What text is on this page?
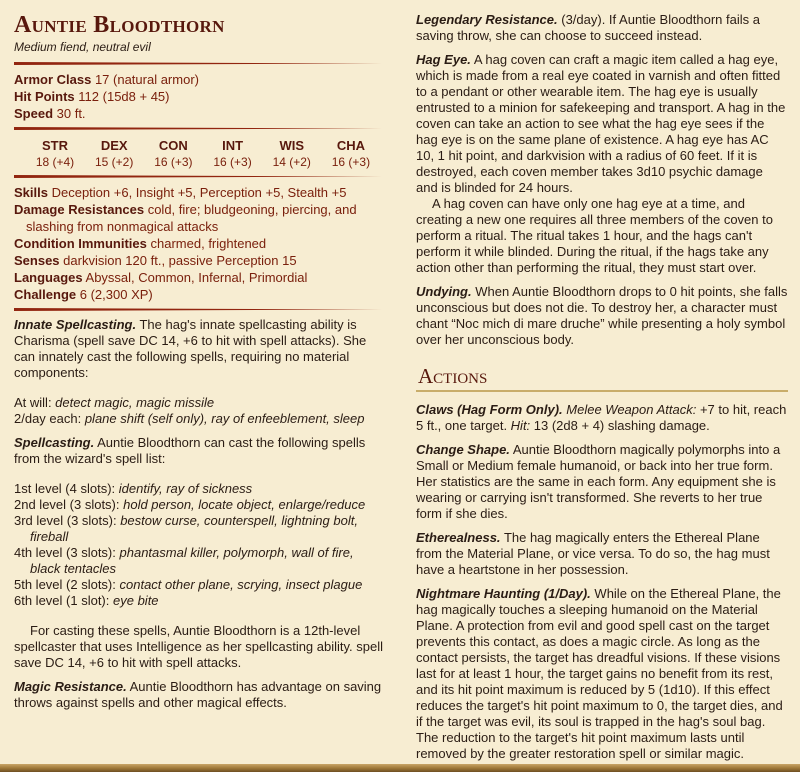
Auntie Bloodthorn
Medium fiend, neutral evil

Armor Class 17 (natural armor)

Hit Points 112 (15d8 + 45)

Speed 30 ft.

STR
18 (+4)
DEX
15 (+2)
CON
16 (+3)
INT
16 (+3)
WIS
14 (+2)
CHA
16 (+3)

Skills Deception +6, Insight +5, Perception +5, Stealth +5

Damage Resistances cold, fire; bludgeoning, piercing, and slashing from nonmagical attacks

Condition Immunities charmed, frightened

Senses darkvision 120 ft., passive Perception 15

Languages Abyssal, Common, Infernal, Primordial

Challenge 6 (2,300 XP)

Innate Spellcasting. The hag's innate spellcasting ability is Charisma (spell save DC 14, +6 to hit with spell attacks). She can innately cast the following spells, requiring no material components:

At will: detect magic, magic missile

2/day each: plane shift (self only), ray of enfeeblement, sleep

Spellcasting. Auntie Bloodthorn can cast the following spells from the wizard's spell list:

1st level (4 slots): identify, ray of sickness

2nd level (3 slots): hold person, locate object, enlarge/reduce

3rd level (3 slots): bestow curse, counterspell, lightning bolt, fireball

4th level (3 slots): phantasmal killer, polymorph, wall of fire, black tentacles

5th level (2 slots): contact other plane, scrying, insect plague

6th level (1 slot): eye bite

For casting these spells, Auntie Bloodthorn is a 12th-level spellcaster that uses Intelligence as her spellcasting ability. spell save DC 14, +6 to hit with spell attacks.

Magic Resistance. Auntie Bloodthorn has advantage on saving throws against spells and other magical effects.

Legendary Resistance. (3/day). If Auntie Bloodthorn fails a saving throw, she can choose to succeed instead.

Hag Eye. A hag coven can craft a magic item called a hag eye, which is made from a real eye coated in varnish and often fitted to a pendant or other wearable item. The hag eye is usually entrusted to a minion for safekeeping and transport. A hag in the coven can take an action to see what the hag eye sees if the hag eye is on the same plane of existence. A hag eye has AC 10, 1 hit point, and darkvision with a radius of 60 feet. If it is destroyed, each coven member takes 3d10 psychic damage and is blinded for 24 hours.

A hag coven can have only one hag eye at a time, and creating a new one requires all three members of the coven to perform a ritual. The ritual takes 1 hour, and the hags can't perform it while blinded. During the ritual, if the hags take any action other than performing the ritual, they must start over.

Undying. When Auntie Bloodthorn drops to 0 hit points, she falls unconscious but does not die. To destroy her, a character must chant “Noc mich di mare druche” while presenting a holy symbol over her unconscious body.

Actions

Claws (Hag Form Only). Melee Weapon Attack: +7 to hit, reach 5 ft., one target. Hit: 13 (2d8 + 4) slashing damage.

Change Shape. Auntie Bloodthorn magically polymorphs into a Small or Medium female humanoid, or back into her true form. Her statistics are the same in each form. Any equipment she is wearing or carrying isn't transformed. She reverts to her true form if she dies.

Etherealness. The hag magically enters the Ethereal Plane from the Material Plane, or vice versa. To do so, the hag must have a heartstone in her possession.

Nightmare Haunting (1/Day). While on the Ethereal Plane, the hag magically touches a sleeping humanoid on the Material Plane. A protection from evil and good spell cast on the target prevents this contact, as does a magic circle. As long as the contact persists, the target has dreadful visions. If these visions last for at least 1 hour, the target gains no benefit from its rest, and its hit point maximum is reduced by 5 (1d10). If this effect reduces the target's hit point maximum to 0, the target dies, and if the target was evil, its soul is trapped in the hag's soul bag. The reduction to the target's hit point maximum lasts until removed by the greater restoration spell or similar magic.
